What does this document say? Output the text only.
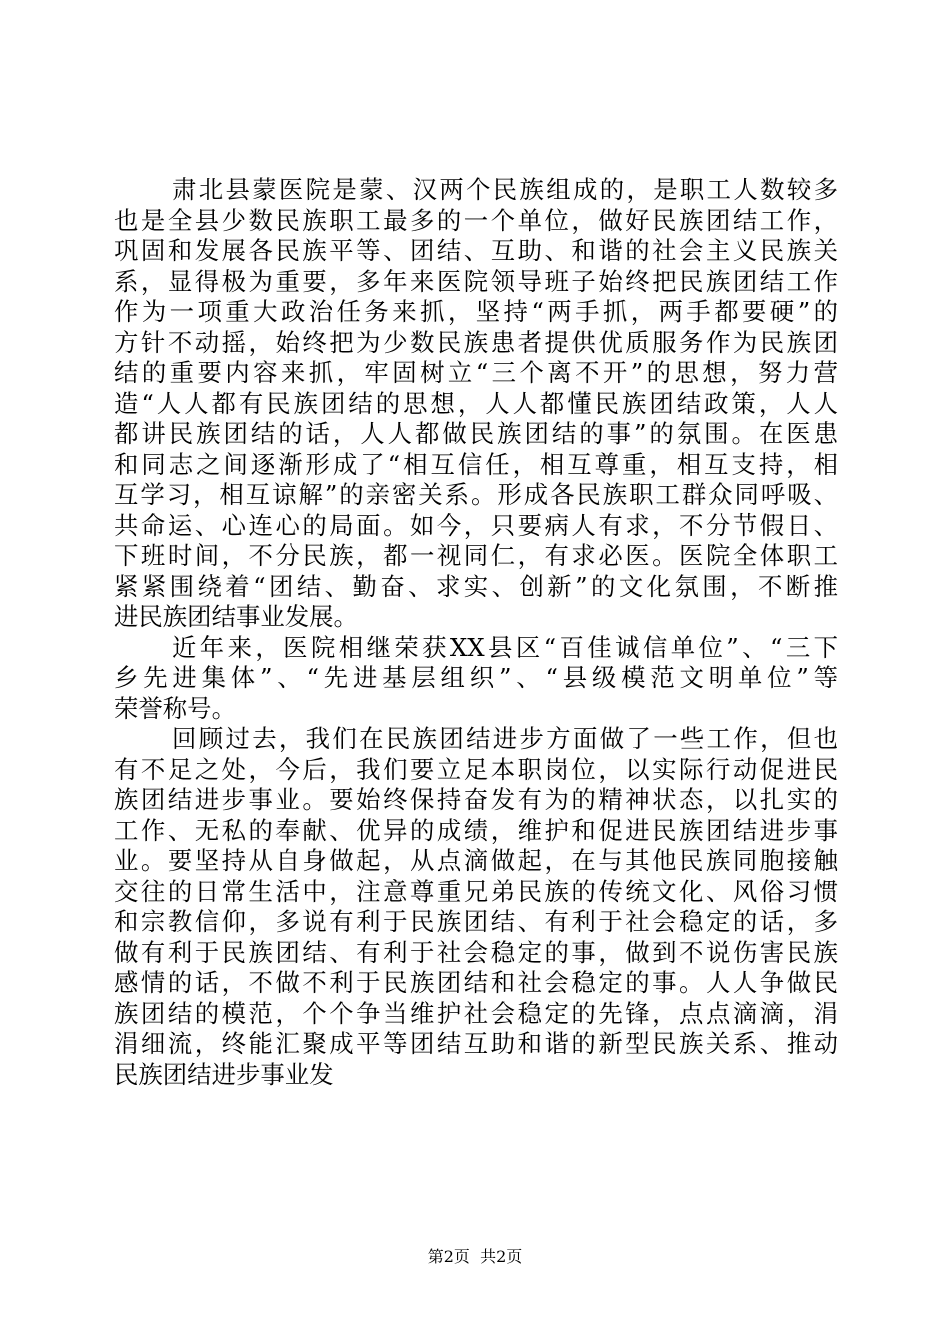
肃北县蒙医院是蒙、汉两个民族组成的，是职工人数较多
也是全县少数民族职工最多的一个单位，做好民族团结工作，
巩固和发展各民族平等、团结、互助、和谐的社会主义民族关
系，显得极为重要，多年来医院领导班子始终把民族团结工作
作为一项重大政治任务来抓，坚持“两手抓，两手都要硬”的
方针不动摇，始终把为少数民族患者提供优质服务作为民族团
结的重要内容来抓，牢固树立“三个离不开”的思想，努力营
造“人人都有民族团结的思想，人人都懂民族团结政策，人人
都讲民族团结的话，人人都做民族团结的事”的氛围。在医患
和同志之间逐渐形成了“相互信任，相互尊重，相互支持，相
互学习，相互谅解”的亲密关系。形成各民族职工群众同呼吸、
共命运、心连心的局面。如今，只要病人有求，不分节假日、
下班时间，不分民族，都一视同仁，有求必医。医院全体职工
紧紧围绕着“团结、勤奋、求实、创新”的文化氛围，不断推
进民族团结事业发展。
近年来，医院相继荣获XX县区“百佳诚信单位”、“三下
乡先进集体”、“先进基层组织”、“县级模范文明单位”等
荣誉称号。
回顾过去，我们在民族团结进步方面做了一些工作，但也
有不足之处，今后，我们要立足本职岗位，以实际行动促进民
族团结进步事业。要始终保持奋发有为的精神状态，以扎实的
工作、无私的奉献、优异的成绩，维护和促进民族团结进步事
业。要坚持从自身做起，从点滴做起，在与其他民族同胞接触
交往的日常生活中，注意尊重兄弟民族的传统文化、风俗习惯
和宗教信仰，多说有利于民族团结、有利于社会稳定的话，多
做有利于民族团结、有利于社会稳定的事，做到不说伤害民族
感情的话，不做不利于民族团结和社会稳定的事。人人争做民
族团结的模范，个个争当维护社会稳定的先锋，点点滴滴，涓
涓细流，终能汇聚成平等团结互助和谐的新型民族关系、推动
民族团结进步事业发
第2页  共2页
